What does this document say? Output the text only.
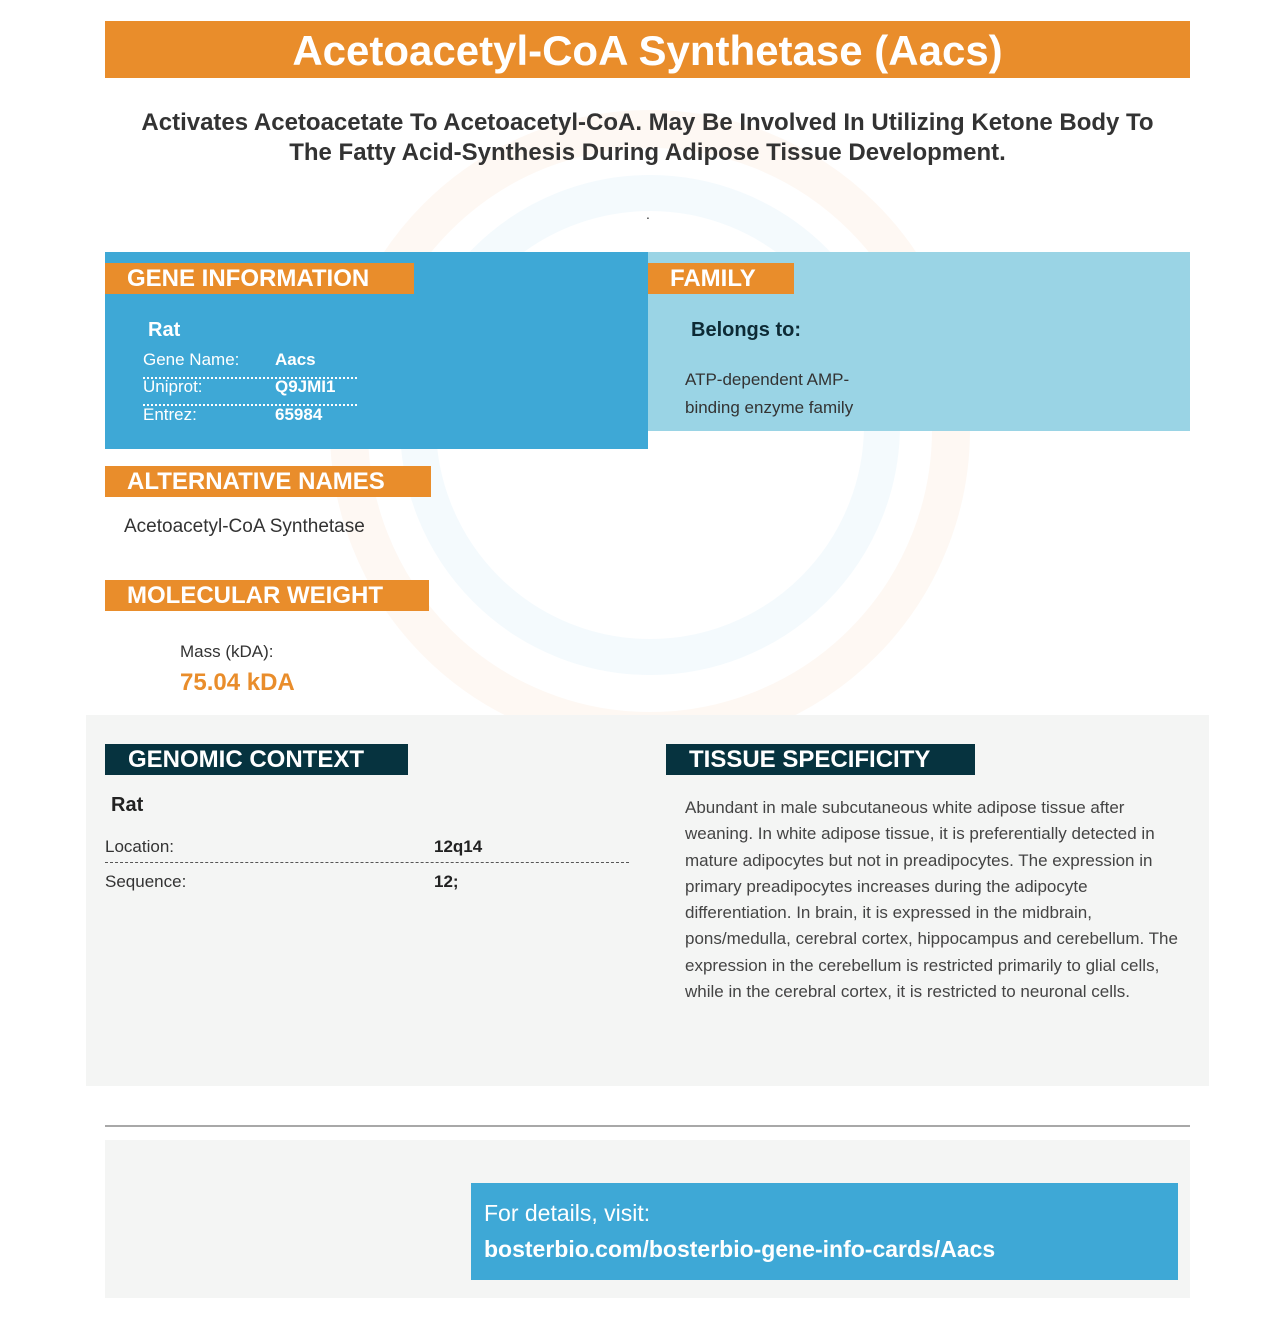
Acetoacetyl-CoA Synthetase (Aacs)
Activates Acetoacetate To Acetoacetyl-CoA. May Be Involved In Utilizing Ketone Body To The Fatty Acid-Synthesis During Adipose Tissue Development.
.
GENE INFORMATION
Rat
Gene Name: Aacs
Uniprot:	Q9JMI1
Entrez:	65984
FAMILY
Belongs to:
ATP-dependent AMP-binding enzyme family
ALTERNATIVE NAMES
Acetoacetyl-CoA Synthetase
MOLECULAR WEIGHT
Mass (kDA):
75.04 kDA
GENOMIC CONTEXT
Rat
Location:	12q14
Sequence:	12;
TISSUE SPECIFICITY
Abundant in male subcutaneous white adipose tissue after weaning. In white adipose tissue, it is preferentially detected in mature adipocytes but not in preadipocytes. The expression in primary preadipocytes increases during the adipocyte differentiation. In brain, it is expressed in the midbrain, pons/medulla, cerebral cortex, hippocampus and cerebellum. The expression in the cerebellum is restricted primarily to glial cells, while in the cerebral cortex, it is restricted to neuronal cells.
For details, visit:
bosterbio.com/bosterbio-gene-info-cards/Aacs
